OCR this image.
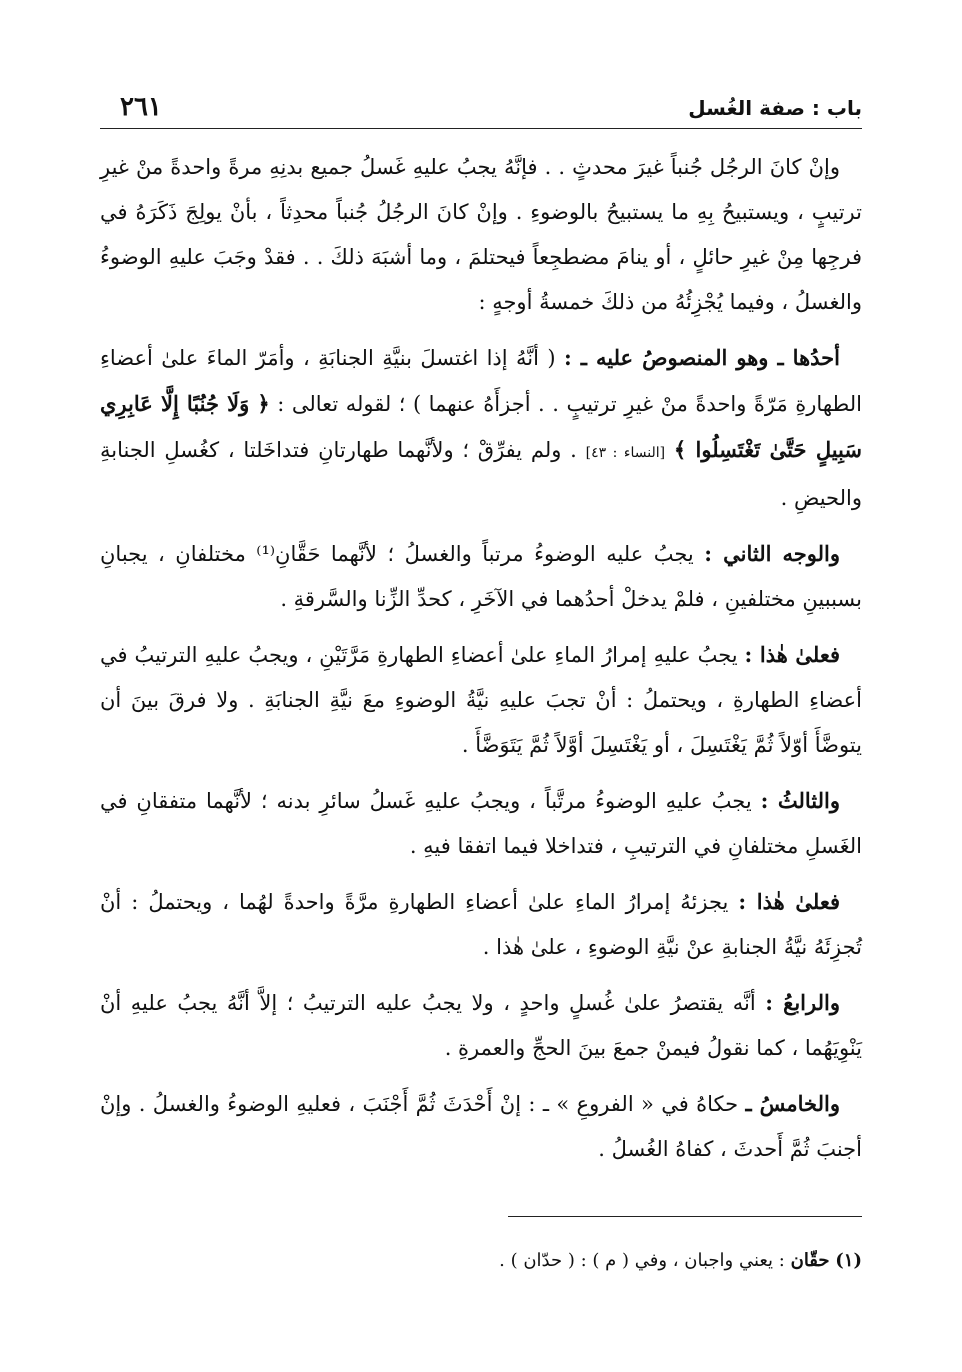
٢٦١	باب : صفة الغُسل

وإنْ كانَ الرجُل جُنباً غيرَ محدثٍ . . فإنَّهُ يجبُ عليهِ غَسلُ جميع بدنِهِ مرةً واحدةً منْ غيرِ ترتيبٍ ، ويستبيحُ بِهِ ما يستبيحُ بالوضوءِ . وإنْ كانَ الرجُلُ جُنباً محدِثاً ، بأنْ يولِجَ ذَكَرَهُ في فرجِها مِنْ غيرِ حائلٍ ، أو ينامَ مضطجِعاً فيحتلمَ ، وما أشبَهَ ذلكَ . . فقدْ وجَبَ عليهِ الوضوءُ والغسلُ ، وفيما يُجْزِئُهُ من ذلكَ خمسةُ أوجهٍ :

أحدُها ـ وهو المنصوصُ عليه ـ : ( أنَّهُ إذا اغتسلَ بنيَّةِ الجنابَةِ ، وأمَرّ الماءَ علىٰ أعضاءِ الطهارةِ مَرّةً واحدةً منْ غيرِ ترتيبٍ . . أجزأَهُ عنهما ) ؛ لقوله تعالى : ﴿ وَلَا جُنُبًا إِلَّا عَابِرِي سَبِيلٍ حَتَّىٰ تَغْتَسِلُوا ﴾ [النساء : ٤٣] . ولم يفرِّقْ ؛ ولأنَّهما طهارتانِ فتداخَلتا ، كغُسلِ الجنابةِ والحيضِ .

والوجه الثاني : يجبُ عليه الوضوءُ مرتباً والغسلُ ؛ لأنَّهما حَقَّانِ⁽¹⁾ مختلفانِ ، يجبانِ بسببينِ مختلفينِ ، فلمْ يدخلْ أحدُهما في الآخَرِ ، كحدِّ الزِّنا والسَّرقةِ .

فعلىٰ هٰذا : يجبُ عليهِ إمرارُ الماءِ علىٰ أعضاءِ الطهارةِ مَرَّتَيْنِ ، ويجبُ عليهِ الترتيبُ في أعضاءِ الطهارةِ ، ويحتملُ : أنْ تجبَ عليهِ نيَّةُ الوضوءِ معَ نيَّةِ الجنابَةِ . ولا فرقَ بينَ أن يتوضَّأَ أوّلاً ثُمَّ يَغْتَسِلَ ، أو يَغْتَسِلَ أوَّلاً ثُمَّ يَتَوَضَّأَ .

والثالثُ : يجبُ عليهِ الوضوءُ مرتَّباً ، ويجبُ عليهِ غَسلُ سائرِ بدنه ؛ لأنَّهما متفقانِ في الغَسلِ مختلفانِ في الترتيبِ ، فتداخلا فيما اتفقا فيهِ .

فعلىٰ هٰذا : يجزئهُ إمرارُ الماءِ علىٰ أعضاءِ الطهارةِ مرَّةً واحدةً لهُما ، ويحتملُ : أنْ تُجزِئَهُ نيَّةُ الجنابةِ عنْ نيَّةِ الوضوءِ ، علىٰ هٰذا .

والرابعُ : أنَّه يقتصرُ علىٰ غُسلٍ واحدٍ ، ولا يجبُ عليه الترتيبُ ؛ إلاَّ أنَّهُ يجبُ عليهِ أنْ يَنْوِيَهُما ، كما نقولُ فيمنْ جمعَ بينَ الحجِّ والعمرةِ .

والخامسُ ـ حكاهُ في « الفروعِ » ـ : إنْ أَحْدَثَ ثُمَّ أَجْنَبَ ، فعليهِ الوضوءُ والغسلُ . وإنْ أجنبَ ثُمَّ أَحدثَ ، كفاهُ الغُسلُ .

(١) حقّان : يعني واجبان ، وفي ( م ) : ( حدّان ) .
